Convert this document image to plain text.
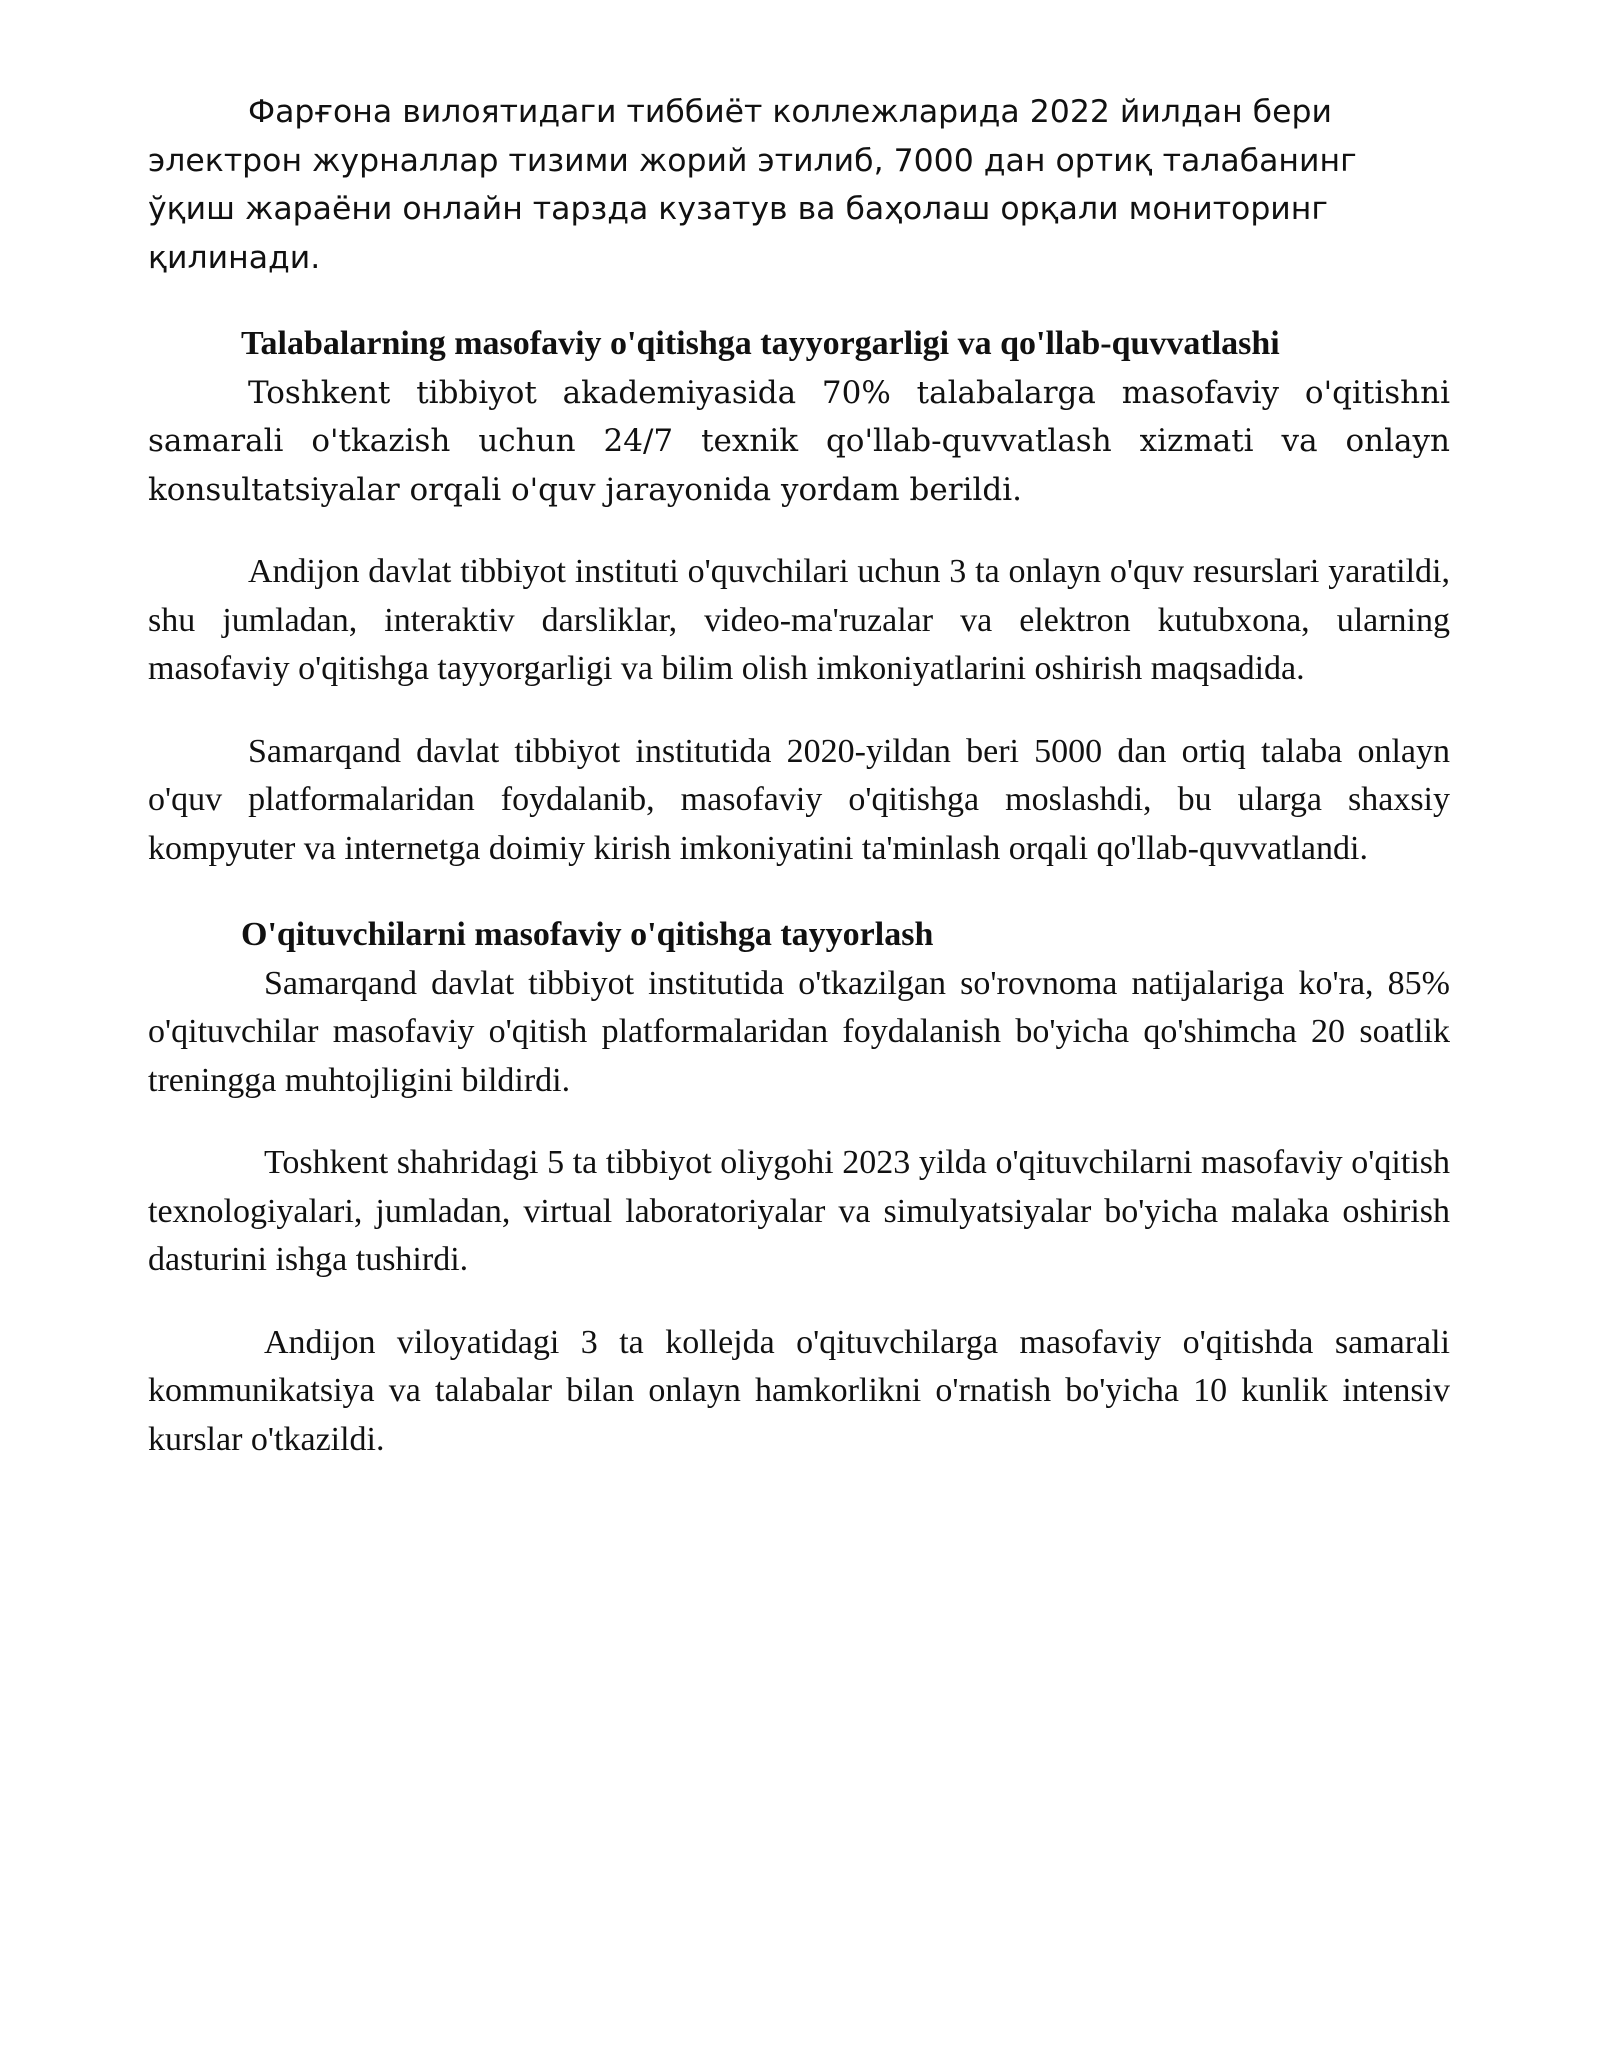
Фарғона вилоятидаги тиббиёт коллежларида 2022 йилдан бери электрон журналлар тизими жорий этилиб, 7000 дан ортиқ талабанинг ўқиш жараёни онлайн тарзда кузатув ва баҳолаш орқали мониторинг қилинади.

Talabalarning masofaviy o'qitishga tayyorgarligi va qo'llab-quvvatlashi

Toshkent tibbiyot akademiyasida 70% talabalarga masofaviy o'qitishni samarali o'tkazish uchun 24/7 texnik qo'llab-quvvatlash xizmati va onlayn konsultatsiyalar orqali o'quv jarayonida yordam berildi.

Andijon davlat tibbiyot instituti o'quvchilari uchun 3 ta onlayn o'quv resurslari yaratildi, shu jumladan, interaktiv darsliklar, video-ma'ruzalar va elektron kutubxona, ularning masofaviy o'qitishga tayyorgarligi va bilim olish imkoniyatlarini oshirish maqsadida.

Samarqand davlat tibbiyot institutida 2020-yildan beri 5000 dan ortiq talaba onlayn o'quv platformalaridan foydalanib, masofaviy o'qitishga moslashdi, bu ularga shaxsiy kompyuter va internetga doimiy kirish imkoniyatini ta'minlash orqali qo'llab-quvvatlandi.

O'qituvchilarni masofaviy o'qitishga tayyorlash

Samarqand davlat tibbiyot institutida o'tkazilgan so'rovnoma natijalariga ko'ra, 85% o'qituvchilar masofaviy o'qitish platformalaridan foydalanish bo'yicha qo'shimcha 20 soatlik treningga muhtojligini bildirdi.

Toshkent shahridagi 5 ta tibbiyot oliygohi 2023 yilda o'qituvchilarni masofaviy o'qitish texnologiyalari, jumladan, virtual laboratoriyalar va simulyatsiyalar bo'yicha malaka oshirish dasturini ishga tushirdi.

Andijon viloyatidagi 3 ta kollejda o'qituvchilarga masofaviy o'qitishda samarali kommunikatsiya va talabalar bilan onlayn hamkorlikni o'rnatish bo'yicha 10 kunlik intensiv kurslar o'tkazildi.
